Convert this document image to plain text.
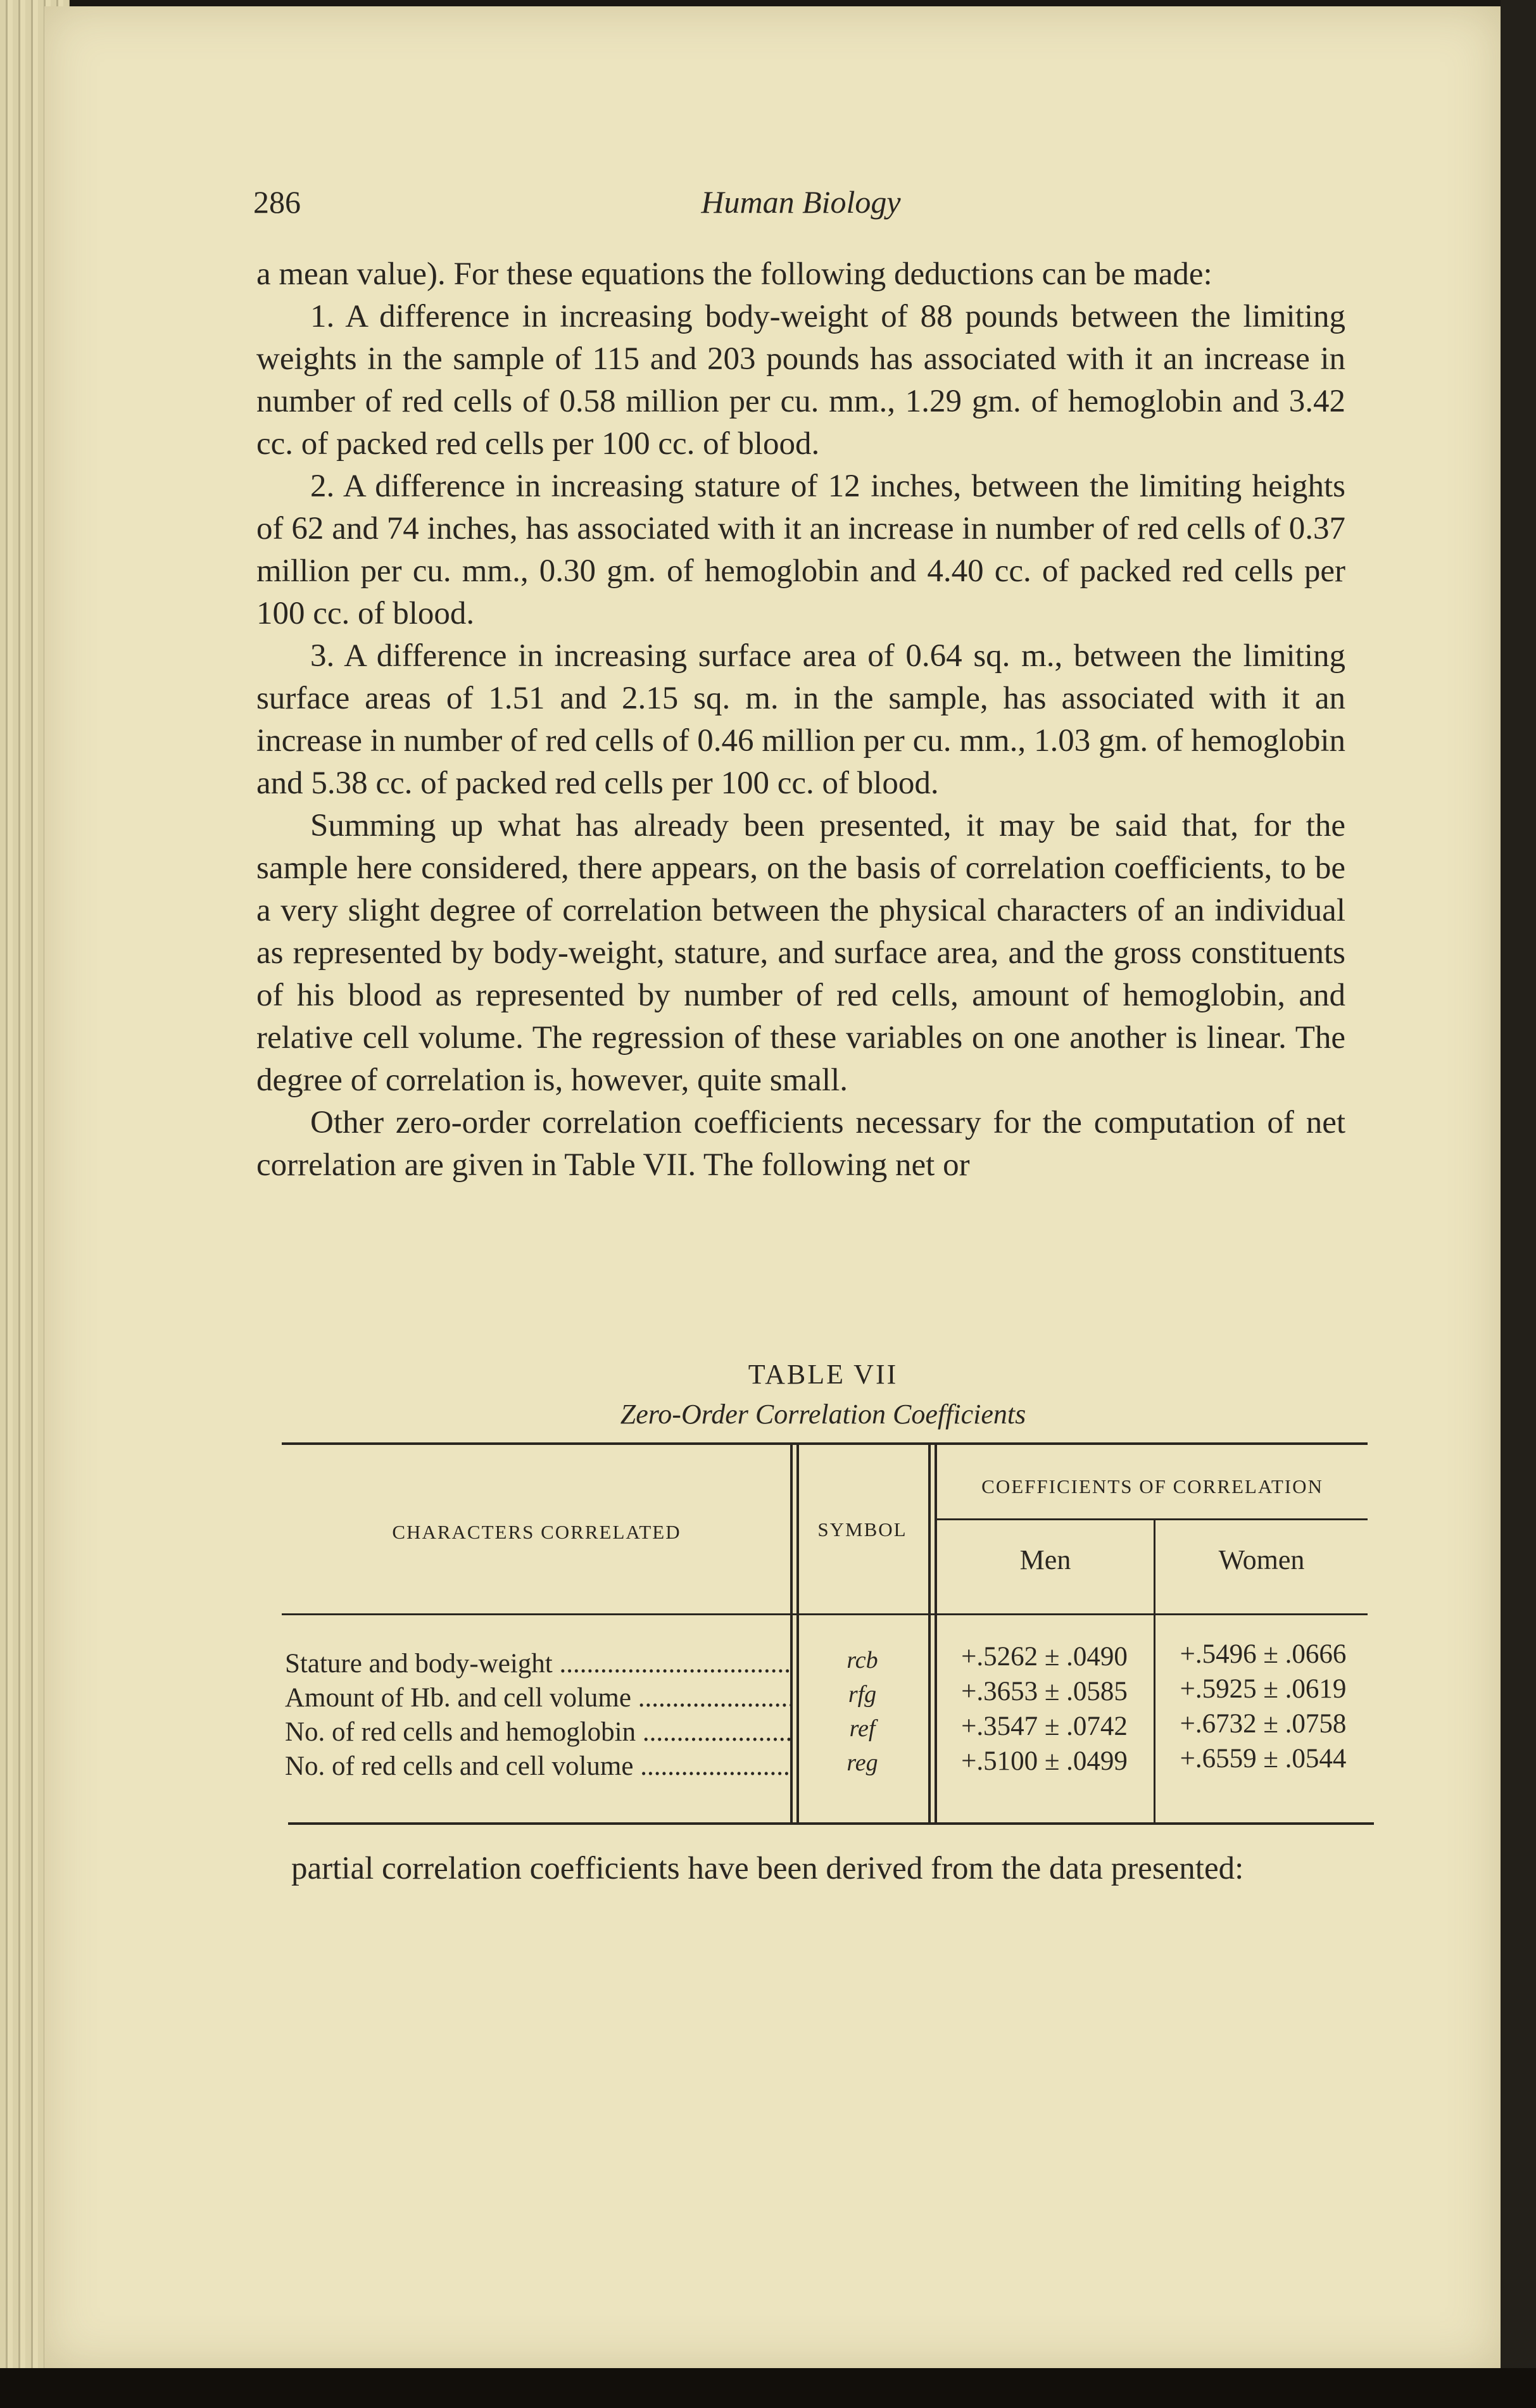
286	Human Biology

a mean value). For these equations the following deductions can be made:

1. A difference in increasing body-weight of 88 pounds between the limiting weights in the sample of 115 and 203 pounds has associated with it an increase in number of red cells of 0.58 million per cu. mm., 1.29 gm. of hemoglobin and 3.42 cc. of packed red cells per 100 cc. of blood.

2. A difference in increasing stature of 12 inches, between the limiting heights of 62 and 74 inches, has associated with it an increase in number of red cells of 0.37 million per cu. mm., 0.30 gm. of hemoglobin and 4.40 cc. of packed red cells per 100 cc. of blood.

3. A difference in increasing surface area of 0.64 sq. m., between the limiting surface areas of 1.51 and 2.15 sq. m. in the sample, has associated with it an increase in number of red cells of 0.46 million per cu. mm., 1.03 gm. of hemoglobin and 5.38 cc. of packed red cells per 100 cc. of blood.

Summing up what has already been presented, it may be said that, for the sample here considered, there appears, on the basis of correlation coefficients, to be a very slight degree of correlation between the physical characters of an individual as represented by body-weight, stature, and surface area, and the gross constituents of his blood as represented by number of red cells, amount of hemoglobin, and relative cell volume. The regression of these variables on one another is linear. The degree of correlation is, however, quite small.

Other zero-order correlation coefficients necessary for the computation of net correlation are given in Table VII. The following net or

TABLE VII
Zero-Order Correlation Coefficients
CHARACTERS CORRELATED	SYMBOL
COEFFICIENTS OF CORRELATION
Men	Women
Stature and body-weight .....	rcb	+.5262 ± .0490	+.5496 ± .0666
Amount of Hb. and cell volume .....	rfg	+.3653 ± .0585	+.5925 ± .0619
No. of red cells and hemoglobin .....	ref	+.3547 ± .0742	+.6732 ± .0758
No. of red cells and cell volume .....	reg	+.5100 ± .0499	+.6559 ± .0544

partial correlation coefficients have been derived from the data presented:
